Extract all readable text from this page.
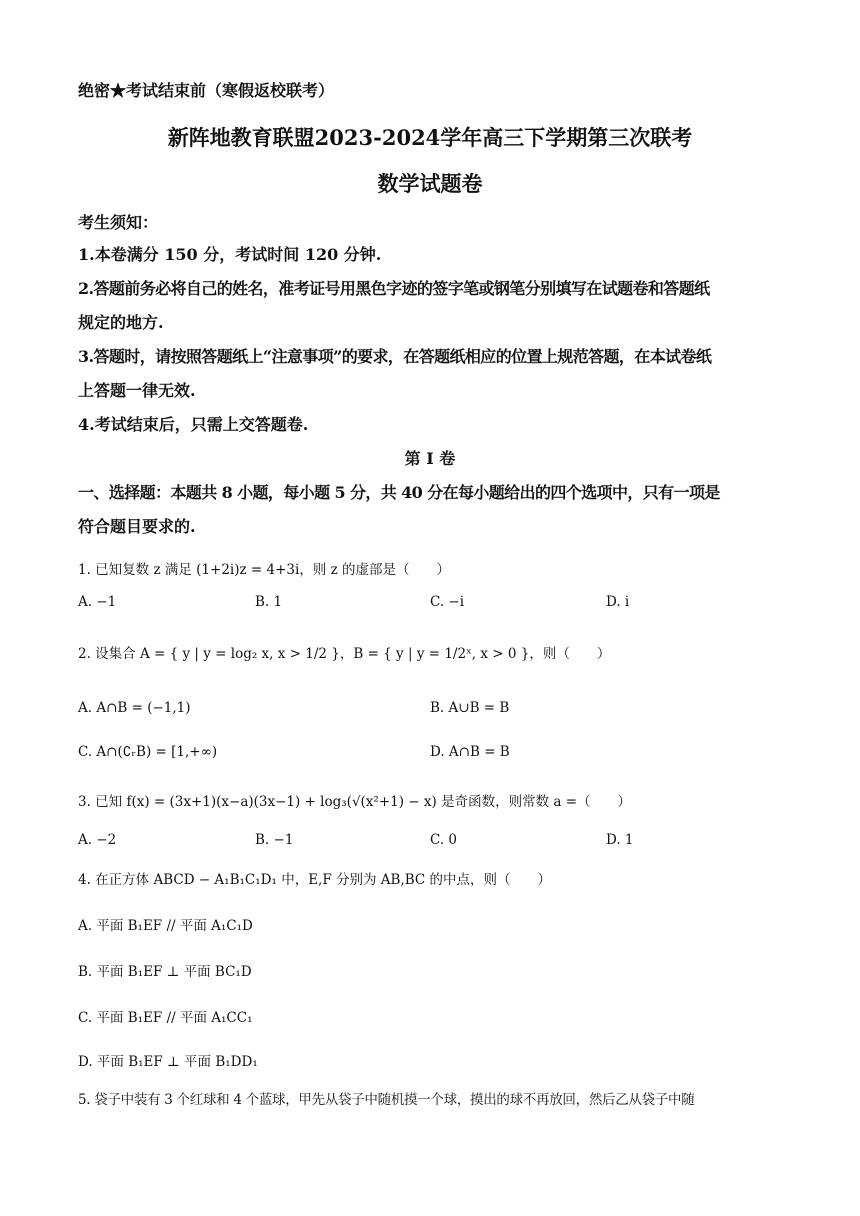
绝密★考试结束前（寒假返校联考）
新阵地教育联盟2023-2024学年高三下学期第三次联考
数学试题卷
考生须知：
1.本卷满分 150 分，考试时间 120 分钟.
2.答题前务必将自己的姓名，准考证号用黑色字迹的签字笔或钢笔分别填写在试题卷和答题纸
规定的地方.
3.答题时，请按照答题纸上“注意事项”的要求，在答题纸相应的位置上规范答题，在本试卷纸
上答题一律无效.
4.考试结束后，只需上交答题卷.
第 I 卷
一、选择题：本题共 8 小题，每小题 5 分，共 40 分在每小题给出的四个选项中，只有一项是
符合题目要求的.
1. 已知复数 z 满足 (1+2i)z = 4+3i，则 z 的虚部是（　　）
A. −1	B. 1	C. −i	D. i
2. 设集合 A = { y | y = log₂ x, x > 1/2 }，B = { y | y = 1/2ˣ, x > 0 }，则（　　）
A. A∩B = (−1,1)	B. A∪B = B
C. A∩(∁ᵣB) = [1,+∞)	D. A∩B = B
3. 已知 f(x) = (3x+1)(x−a)(3x−1) + log₃(√(x²+1) − x) 是奇函数，则常数 a =（　　）
A. −2	B. −1	C. 0	D. 1
4. 在正方体 ABCD − A₁B₁C₁D₁ 中，E,F 分别为 AB,BC 的中点，则（　　）
A. 平面 B₁EF // 平面 A₁C₁D
B. 平面 B₁EF ⊥ 平面 BC₁D
C. 平面 B₁EF // 平面 A₁CC₁
D. 平面 B₁EF ⊥ 平面 B₁DD₁
5. 袋子中装有 3 个红球和 4 个蓝球，甲先从袋子中随机摸一个球，摸出的球不再放回，然后乙从袋子中随
